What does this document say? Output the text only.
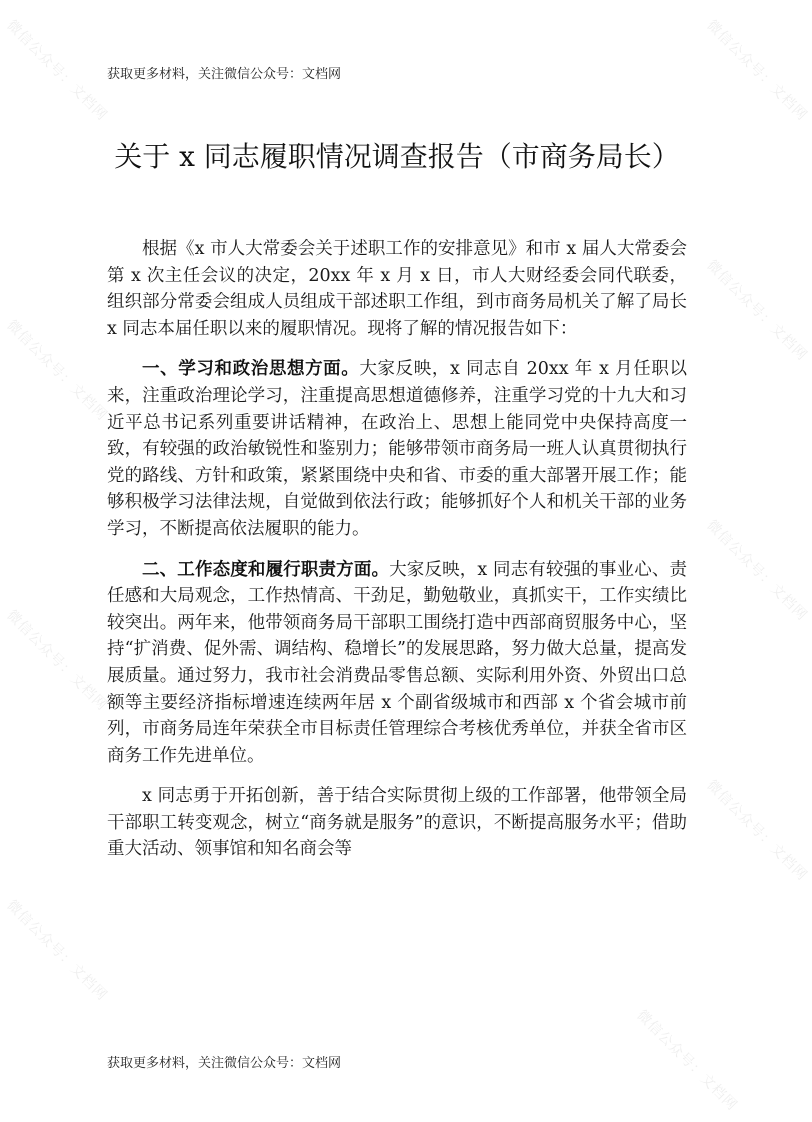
微信公众号：文档网	微信公众号：文档网
微信公众号：文档网
微信公众号：文档网
微信公众号：文档网
微信公众号：文档网
微信公众号：文档网
微信公众号：文档网
微信公众号：文档网
获取更多材料，关注微信公众号：文档网
关于 x 同志履职情况调查报告（市商务局长）

根据《x 市人大常委会关于述职工作的安排意见》和市 x 届人大常委会第 x 次主任会议的决定，20xx 年 x 月 x 日，市人大财经委会同代联委，组织部分常委会组成人员组成干部述职工作组，到市商务局机关了解了局长 x 同志本届任职以来的履职情况。现将了解的情况报告如下：

一、学习和政治思想方面。大家反映，x 同志自 20xx 年 x 月任职以来，注重政治理论学习，注重提高思想道德修养，注重学习党的十九大和习近平总书记系列重要讲话精神，在政治上、思想上能同党中央保持高度一致，有较强的政治敏锐性和鉴别力；能够带领市商务局一班人认真贯彻执行党的路线、方针和政策，紧紧围绕中央和省、市委的重大部署开展工作；能够积极学习法律法规，自觉做到依法行政；能够抓好个人和机关干部的业务学习，不断提高依法履职的能力。

二、工作态度和履行职责方面。大家反映，x 同志有较强的事业心、责任感和大局观念，工作热情高、干劲足，勤勉敬业，真抓实干，工作实绩比较突出。两年来，他带领商务局干部职工围绕打造中西部商贸服务中心，坚持“扩消费、促外需、调结构、稳增长”的发展思路，努力做大总量，提高发展质量。通过努力，我市社会消费品零售总额、实际利用外资、外贸出口总额等主要经济指标增速连续两年居 x 个副省级城市和西部 x 个省会城市前列，市商务局连年荣获全市目标责任管理综合考核优秀单位，并获全省市区商务工作先进单位。

x 同志勇于开拓创新，善于结合实际贯彻上级的工作部署，他带领全局干部职工转变观念，树立“商务就是服务”的意识，不断提高服务水平；借助重大活动、领事馆和知名商会等

获取更多材料，关注微信公众号：文档网
